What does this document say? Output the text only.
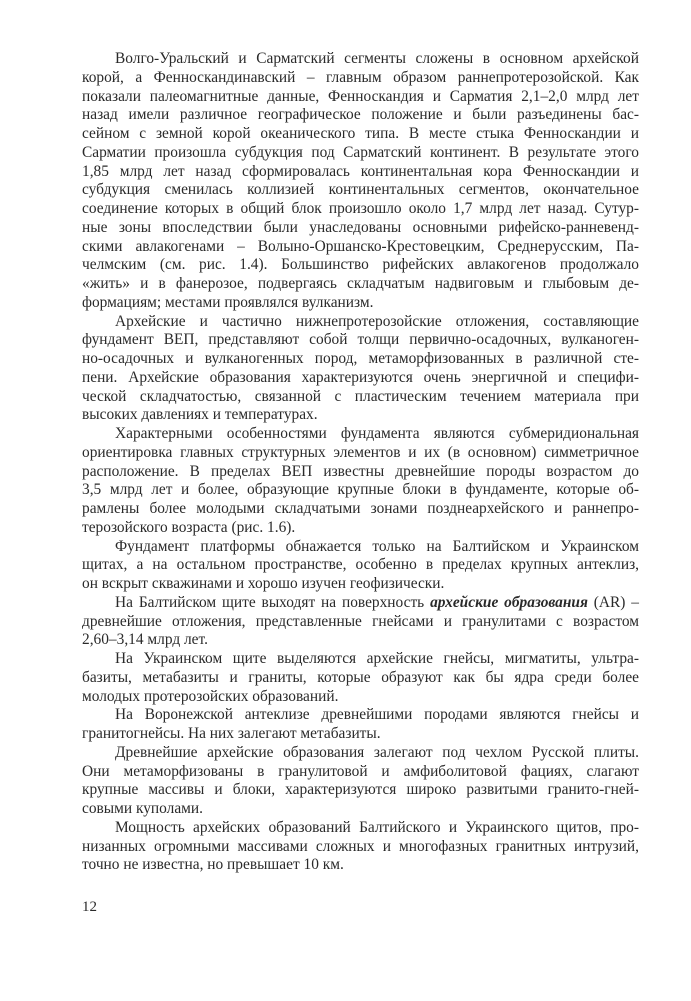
Волго-Уральский и Сарматский сегменты сложены в основном архейской
корой, а Фенноскандинавский – главным образом раннепротерозойской. Как
показали палеомагнитные данные, Фенноскандия и Сарматия 2,1–2,0 млрд лет
назад имели различное географическое положение и были разъединены бас-
сейном с земной корой океанического типа. В месте стыка Фенноскандии и
Сарматии произошла субдукция под Сарматский континент. В результате этого
1,85 млрд лет назад сформировалась континентальная кора Фенноскандии и
субдукция сменилась коллизией континентальных сегментов, окончательное
соединение которых в общий блок произошло около 1,7 млрд лет назад. Сутур-
ные зоны впоследствии были унаследованы основными рифейско-ранневенд-
скими авлакогенами – Волыно-Оршанско-Крестовецким, Среднерусским, Па-
челмским (см. рис. 1.4). Большинство рифейских авлакогенов продолжало
«жить» и в фанерозое, подвергаясь складчатым надвиговым и глыбовым де-
формациям; местами проявлялся вулканизм.
Архейские и частично нижнепротерозойские отложения, составляющие
фундамент ВЕП, представляют собой толщи первично-осадочных, вулканоген-
но-осадочных и вулканогенных пород, метаморфизованных в различной сте-
пени. Архейские образования характеризуются очень энергичной и специфи-
ческой складчатостью, связанной с пластическим течением материала при
высоких давлениях и температурах.
Характерными особенностями фундамента являются субмеридиональная
ориентировка главных структурных элементов и их (в основном) симметричное
расположение. В пределах ВЕП известны древнейшие породы возрастом до
3,5 млрд лет и более, образующие крупные блоки в фундаменте, которые об-
рамлены более молодыми складчатыми зонами позднеархейского и раннепро-
терозойского возраста (рис. 1.6).
Фундамент платформы обнажается только на Балтийском и Украинском
щитах, а на остальном пространстве, особенно в пределах крупных антеклиз,
он вскрыт скважинами и хорошо изучен геофизически.
На Балтийском щите выходят на поверхность архейские образования (AR) –
древнейшие отложения, представленные гнейсами и гранулитами с возрастом
2,60–3,14 млрд лет.
На Украинском щите выделяются архейские гнейсы, мигматиты, ультра-
базиты, метабазиты и граниты, которые образуют как бы ядра среди более
молодых протерозойских образований.
На Воронежской антеклизе древнейшими породами являются гнейсы и
гранитогнейсы. На них залегают метабазиты.
Древнейшие архейские образования залегают под чехлом Русской плиты.
Они метаморфизованы в гранулитовой и амфиболитовой фациях, слагают
крупные массивы и блоки, характеризуются широко развитыми гранито-гней-
совыми куполами.
Мощность архейских образований Балтийского и Украинского щитов, про-
низанных огромными массивами сложных и многофазных гранитных интрузий,
точно не известна, но превышает 10 км.
12
